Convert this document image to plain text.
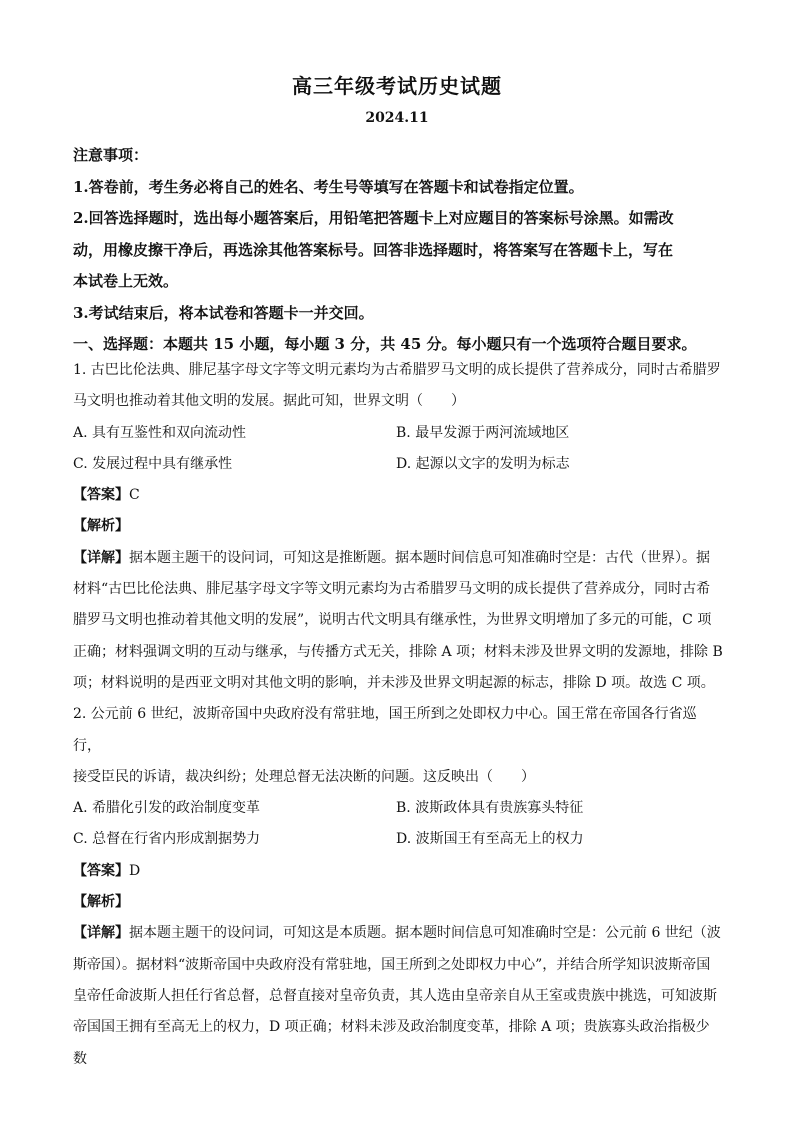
高三年级考试历史试题
2024.11

注意事项：

1.答卷前，考生务必将自己的姓名、考生号等填写在答题卡和试卷指定位置。

2.回答选择题时，选出每小题答案后，用铅笔把答题卡上对应题目的答案标号涂黑。如需改

动，用橡皮擦干净后，再选涂其他答案标号。回答非选择题时，将答案写在答题卡上，写在

本试卷上无效。

3.考试结束后，将本试卷和答题卡一并交回。

一、选择题：本题共 15 小题，每小题 3 分，共 45 分。每小题只有一个选项符合题目要求。

1. 古巴比伦法典、腓尼基字母文字等文明元素均为古希腊罗马文明的成长提供了营养成分，同时古希腊罗

马文明也推动着其他文明的发展。据此可知，世界文明（　　）

A. 具有互鉴性和双向流动性	B. 最早发源于两河流域地区
C. 发展过程中具有继承性	D. 起源以文字的发明为标志

【答案】C

【解析】

【详解】据本题主题干的设问词，可知这是推断题。据本题时间信息可知准确时空是：古代（世界）。据

材料“古巴比伦法典、腓尼基字母文字等文明元素均为古希腊罗马文明的成长提供了营养成分，同时古希

腊罗马文明也推动着其他文明的发展”，说明古代文明具有继承性，为世界文明增加了多元的可能，C 项

正确；材料强调文明的互动与继承，与传播方式无关，排除 A 项；材料未涉及世界文明的发源地，排除 B

项；材料说明的是西亚文明对其他文明的影响，并未涉及世界文明起源的标志，排除 D 项。故选 C 项。

2. 公元前 6 世纪，波斯帝国中央政府没有常驻地，国王所到之处即权力中心。国王常在帝国各行省巡行，

接受臣民的诉请，裁决纠纷；处理总督无法决断的问题。这反映出（　　）

A. 希腊化引发的政治制度变革	B. 波斯政体具有贵族寡头特征
C. 总督在行省内形成割据势力	D. 波斯国王有至高无上的权力

【答案】D

【解析】

【详解】据本题主题干的设问词，可知这是本质题。据本题时间信息可知准确时空是：公元前 6 世纪（波

斯帝国）。据材料“波斯帝国中央政府没有常驻地，国王所到之处即权力中心”，并结合所学知识波斯帝国

皇帝任命波斯人担任行省总督，总督直接对皇帝负责，其人选由皇帝亲自从王室或贵族中挑选，可知波斯

帝国国王拥有至高无上的权力，D 项正确；材料未涉及政治制度变革，排除 A 项；贵族寡头政治指极少数
